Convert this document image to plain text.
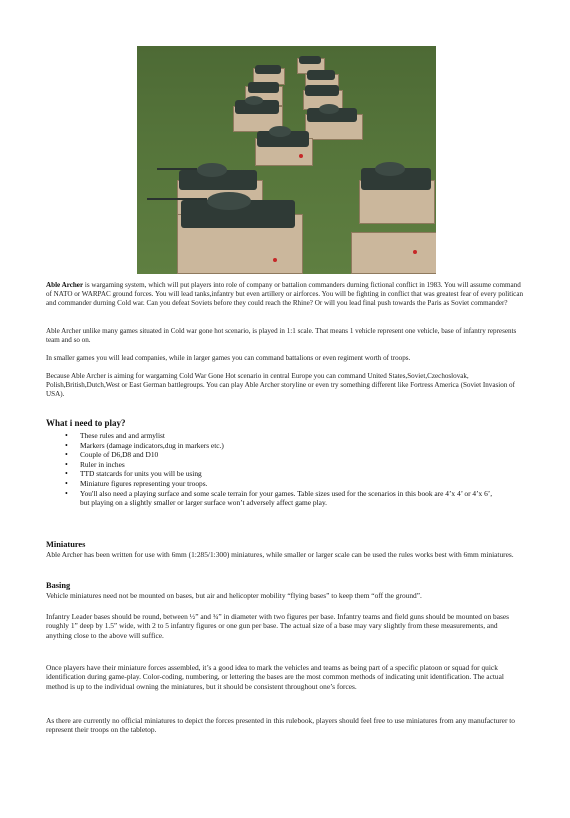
Able Archer is wargaming system, which will put players into role of company or battalion commanders durning fictional conflict in 1983. You will assume command of NATO or WARPAC ground forces. You will lead tanks,infantry but even artillery or airforces. You will be fighting in conflict that was greatest fear of every politican and commander durning Cold war. Can you defeat Soviets before they could reach the Rhine? Or will you lead final push towards the Paris as Soviet commander?
Able Archer unlike many games situated in Cold war gone hot scenario, is played in 1:1 scale. That means 1 vehicle represent one vehicle, base of infantry represents team and so on.
In smaller games you will lead companies, while in larger games you can command battalions or even regiment worth of troops.
Because Able Archer is aiming for wargaming Cold War Gone Hot scenario in central Europe you can command United States,Soviet,Czechoslovak, Polish,British,Dutch,West or East German battlegroups. You can play Able Archer storyline or even try something different like Fortress America (Soviet Invasion of USA).
What i need to play?
• These rules and and armylist
• Markers (damage indicators,dug in markers etc.)
• Couple of D6,D8 and D10
• Ruler in inches
• TTD statcards for units you will be using
• Miniature figures representing your troops.
• You'll also need a playing surface and some scale terrain for your games. Table sizes used for the scenarios in this book are 4’x 4’ or 4’x 6’, but playing on a slightly smaller or larger surface won’t adversely affect game play.
Miniatures
Able Archer has been written for use with 6mm (1:285/1:300) miniatures, while smaller or larger scale can be used the rules works best with 6mm miniatures.
Basing
Vehicle miniatures need not be mounted on bases, but air and helicopter mobility “flying bases” to keep them “off the ground”.
Infantry Leader bases should be round, between ½” and ¾” in diameter with two figures per base. Infantry teams and field guns should be mounted on bases roughly 1” deep by 1.5” wide, with 2 to 5 infantry figures or one gun per base. The actual size of a base may vary slightly from these measurements, and anything close to the above will suffice.
Once players have their miniature forces assembled, it’s a good idea to mark the vehicles and teams as being part of a specific platoon or squad for quick identification during game-play. Color-coding, numbering, or lettering the bases are the most common methods of indicating unit identification. The actual method is up to the individual owning the miniatures, but it should be consistent throughout one’s forces.
As there are currently no official miniatures to depict the forces presented in this rulebook, players should feel free to use miniatures from any manufacturer to represent their troops on the tabletop.
